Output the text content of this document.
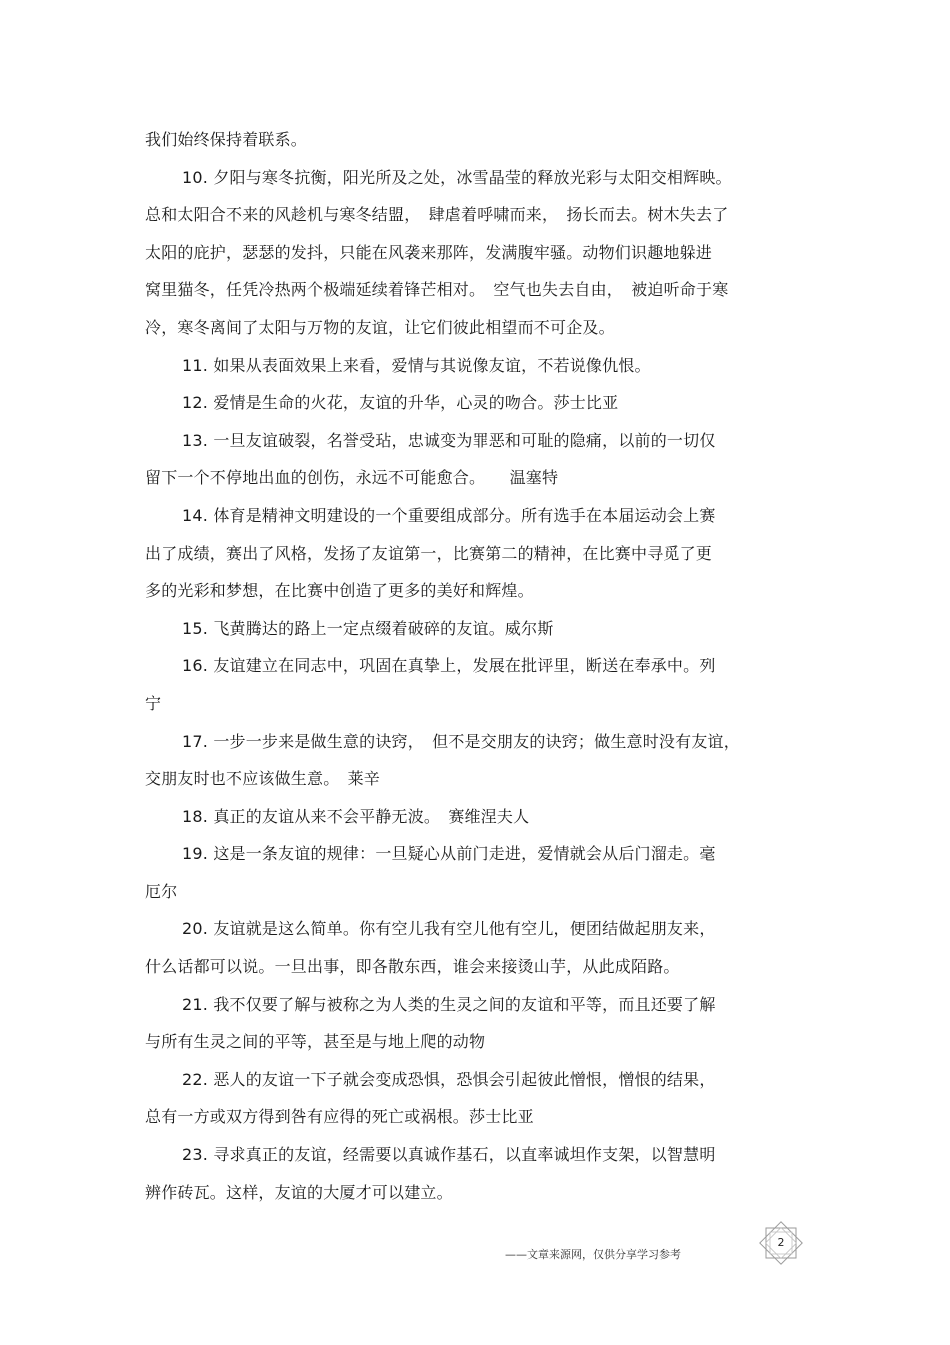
我们始终保持着联系。
10. 夕阳与寒冬抗衡，阳光所及之处，冰雪晶莹的释放光彩与太阳交相辉映。
总和太阳合不来的风趁机与寒冬结盟，　肆虐着呼啸而来，　扬长而去。树木失去了
太阳的庇护，瑟瑟的发抖，只能在风袭来那阵，发满腹牢骚。动物们识趣地躲进
窝里猫冬，任凭冷热两个极端延续着锋芒相对。　空气也失去自由，　被迫听命于寒
冷，寒冬离间了太阳与万物的友谊，让它们彼此相望而不可企及。
11. 如果从表面效果上来看，爱情与其说像友谊，不若说像仇恨。
12. 爱情是生命的火花，友谊的升华，心灵的吻合。莎士比亚
13. 一旦友谊破裂，名誉受玷，忠诚变为罪恶和可耻的隐痛，以前的一切仅
留下一个不停地出血的创伤，永远不可能愈合。　　温塞特
14. 体育是精神文明建设的一个重要组成部分。所有选手在本届运动会上赛
出了成绩，赛出了风格，发扬了友谊第一，比赛第二的精神，在比赛中寻觅了更
多的光彩和梦想，在比赛中创造了更多的美好和辉煌。
15. 飞黄腾达的路上一定点缀着破碎的友谊。威尔斯
16. 友谊建立在同志中，巩固在真挚上，发展在批评里，断送在奉承中。列
宁
17. 一步一步来是做生意的诀窍，　但不是交朋友的诀窍；做生意时没有友谊，
交朋友时也不应该做生意。　莱辛
18. 真正的友谊从来不会平静无波。　赛维涅夫人
19. 这是一条友谊的规律：一旦疑心从前门走进，爱情就会从后门溜走。毫
厄尔
20. 友谊就是这么简单。你有空儿我有空儿他有空儿，便团结做起朋友来，
什么话都可以说。一旦出事，即各散东西，谁会来接烫山芋，从此成陌路。
21. 我不仅要了解与被称之为人类的生灵之间的友谊和平等，而且还要了解
与所有生灵之间的平等，甚至是与地上爬的动物
22. 恶人的友谊一下子就会变成恐惧，恐惧会引起彼此憎恨，憎恨的结果，
总有一方或双方得到咎有应得的死亡或祸根。莎士比亚
23. 寻求真正的友谊，经需要以真诚作基石，以直率诚坦作支架，以智慧明
辨作砖瓦。这样，友谊的大厦才可以建立。
——文章来源网，仅供分享学习参考
2
